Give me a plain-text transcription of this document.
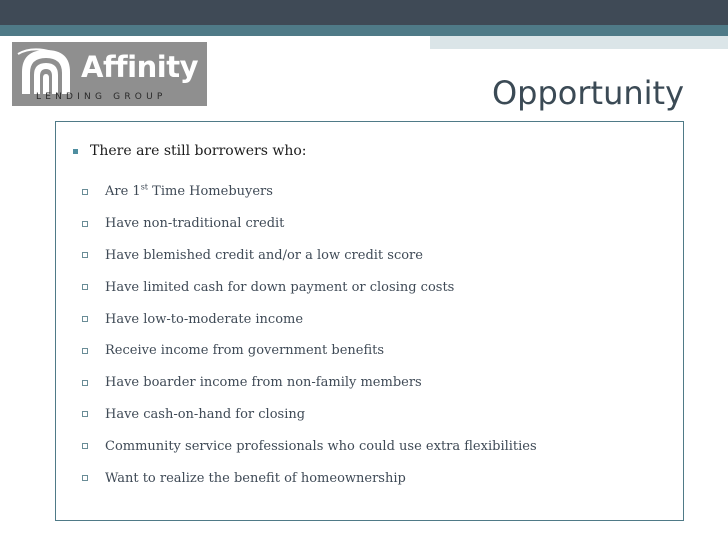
Affinity
LENDING GROUP	Opportunity
There are still borrowers who:
Are 1st Time Homebuyers
Have non-traditional credit
Have blemished credit and/or a low credit score
Have limited cash for down payment or closing costs
Have low-to-moderate income
Receive income from government benefits
Have boarder income from non-family members
Have cash-on-hand for closing
Community service professionals who could use extra flexibilities
Want to realize the benefit of homeownership
